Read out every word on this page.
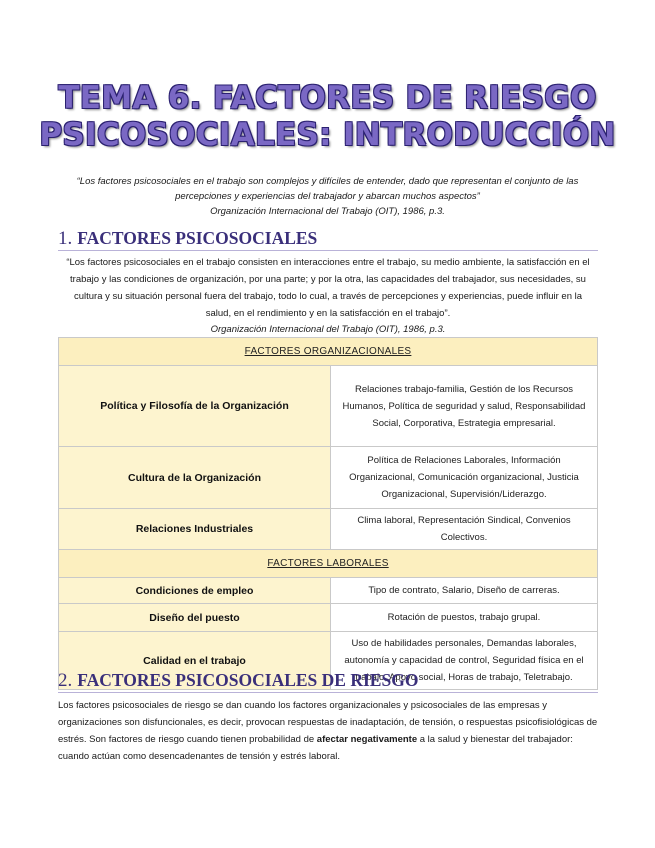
TEMA 6. FACTORES DE RIESGO
PSICOSOCIALES: INTRODUCCIÓN
“Los factores psicosociales en el trabajo son complejos y difíciles de entender, dado que representan el conjunto de las percepciones y experiencias del trabajador y abarcan muchos aspectos”
Organización Internacional del Trabajo (OIT), 1986, p.3.
1. FACTORES PSICOSOCIALES
“Los factores psicosociales en el trabajo consisten en interacciones entre el trabajo, su medio ambiente, la satisfacción en el trabajo y las condiciones de organización, por una parte; y por la otra, las capacidades del trabajador, sus necesidades, su cultura y su situación personal fuera del trabajo, todo lo cual, a través de percepciones y experiencias, puede influir en la salud, en el rendimiento y en la satisfacción en el trabajo”.
Organización Internacional del Trabajo (OIT), 1986, p.3.
FACTORES ORGANIZACIONALES	
Política y Filosofía de la Organización	Relaciones trabajo-familia, Gestión de los Recursos Humanos, Política de seguridad y salud, Responsabilidad Social, Corporativa, Estrategia empresarial.
Cultura de la Organización	Política de Relaciones Laborales, Información Organizacional, Comunicación organizacional, Justicia Organizacional, Supervisión/Liderazgo.
Relaciones Industriales	Clima laboral, Representación Sindical, Convenios Colectivos.
FACTORES LABORALES	
Condiciones de empleo	Tipo de contrato, Salario, Diseño de carreras.
Diseño del puesto	Rotación de puestos, trabajo grupal.
Calidad en el trabajo	Uso de habilidades personales, Demandas laborales, autonomía y capacidad de control, Seguridad física en el trabajo, Apoyo social, Horas de trabajo, Teletrabajo.
2. FACTORES PSICOSOCIALES DE RIESGO
Los factores psicosociales de riesgo se dan cuando los factores organizacionales y psicosociales de las empresas y organizaciones son disfuncionales, es decir, provocan respuestas de inadaptación, de tensión, o respuestas psicofisiológicas de estrés. Son factores de riesgo cuando tienen probabilidad de afectar negativamente a la salud y bienestar del trabajador: cuando actúan como desencadenantes de tensión y estrés laboral.
